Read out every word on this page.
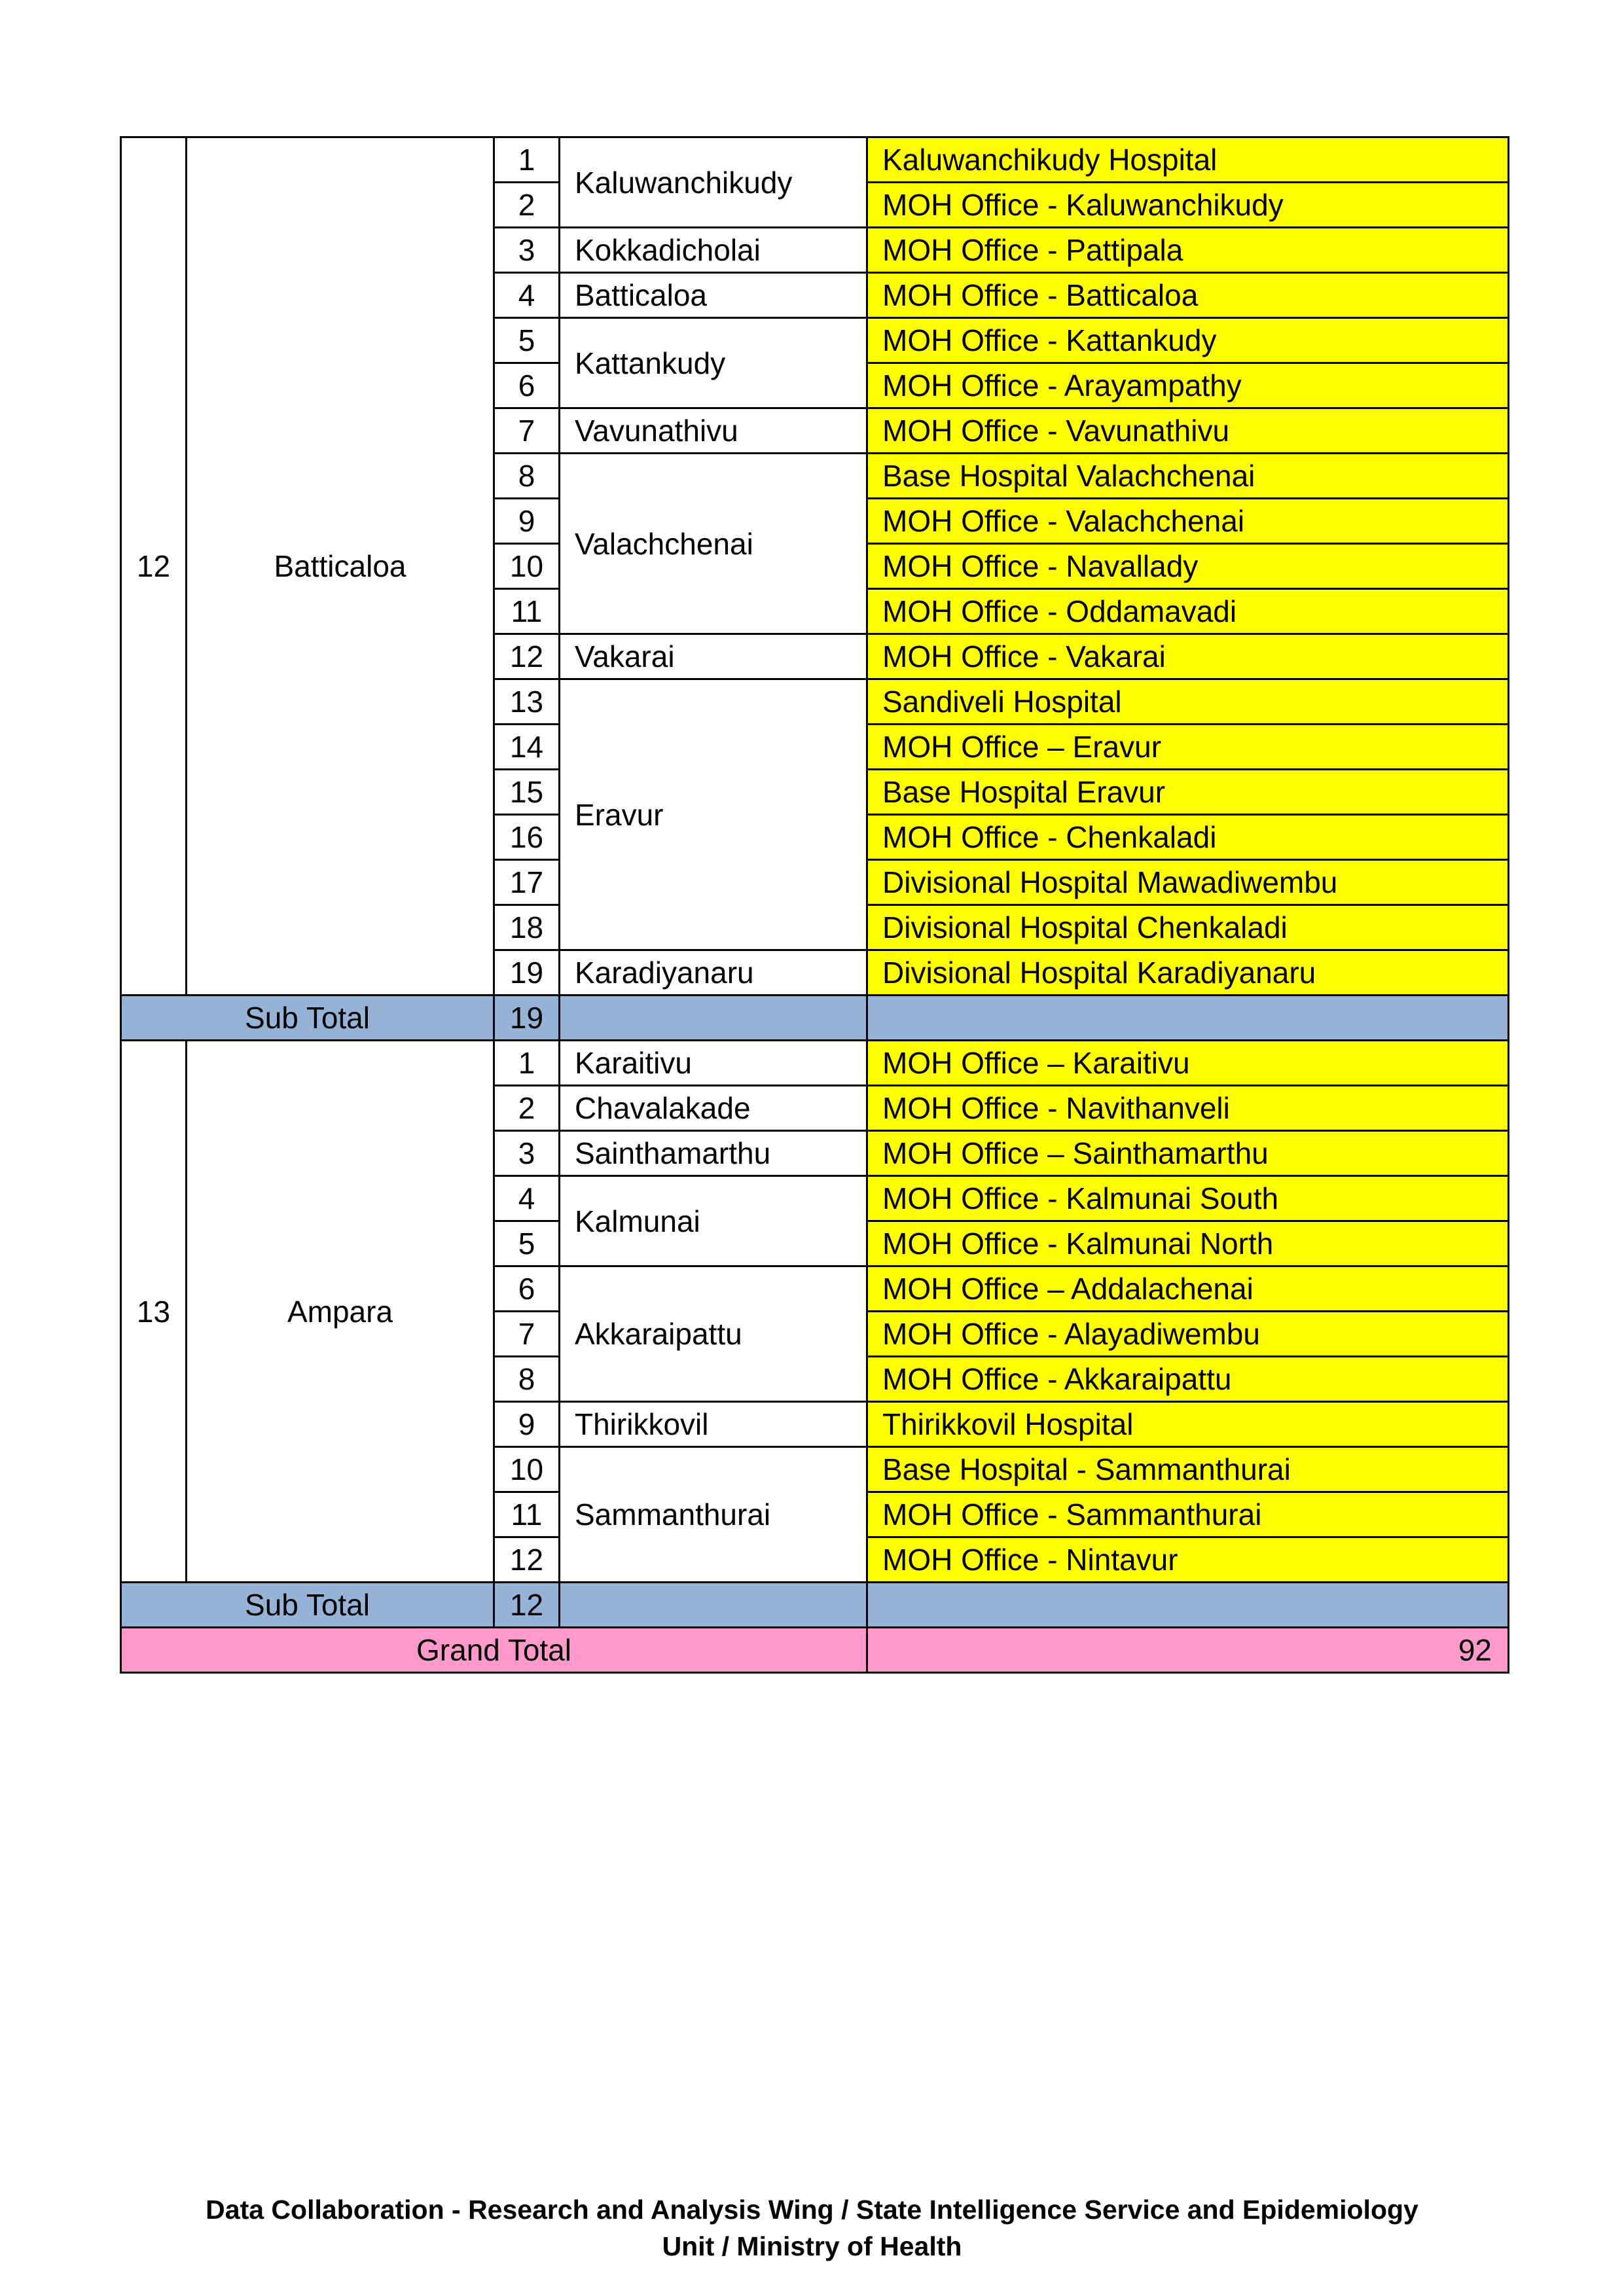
12	Batticaloa	1	Kaluwanchikudy	Kaluwanchikudy Hospital
		2		MOH Office - Kaluwanchikudy
		3	Kokkadicholai	MOH Office - Pattipala
		4	Batticaloa	MOH Office - Batticaloa
		5	Kattankudy	MOH Office - Kattankudy
		6		MOH Office - Arayampathy
		7	Vavunathivu	MOH Office - Vavunathivu
		8	Valachchenai	Base Hospital Valachchenai
		9		MOH Office - Valachchenai
		10		MOH Office - Navallady
		11		MOH Office - Oddamavadi
		12	Vakarai	MOH Office - Vakarai
		13	Eravur	Sandiveli Hospital
		14		MOH Office – Eravur
		15		Base Hospital Eravur
		16		MOH Office - Chenkaladi
		17		Divisional Hospital Mawadiwembu
		18		Divisional Hospital Chenkaladi
		19	Karadiyanaru	Divisional Hospital Karadiyanaru
Sub Total		19		
13	Ampara	1	Karaitivu	MOH Office – Karaitivu
		2	Chavalakade	MOH Office - Navithanveli
		3	Sainthamarthu	MOH Office – Sainthamarthu
		4	Kalmunai	MOH Office - Kalmunai South
		5		MOH Office - Kalmunai North
		6	Akkaraipattu	MOH Office – Addalachenai
		7		MOH Office - Alayadiwembu
		8		MOH Office - Akkaraipattu
		9	Thirikkovil	Thirikkovil Hospital
		10	Sammanthurai	Base Hospital - Sammanthurai
		11		MOH Office - Sammanthurai
		12		MOH Office - Nintavur
Sub Total		12		
Grand Total				92
Data Collaboration - Research and Analysis Wing / State Intelligence Service and Epidemiology
Unit / Ministry of Health
